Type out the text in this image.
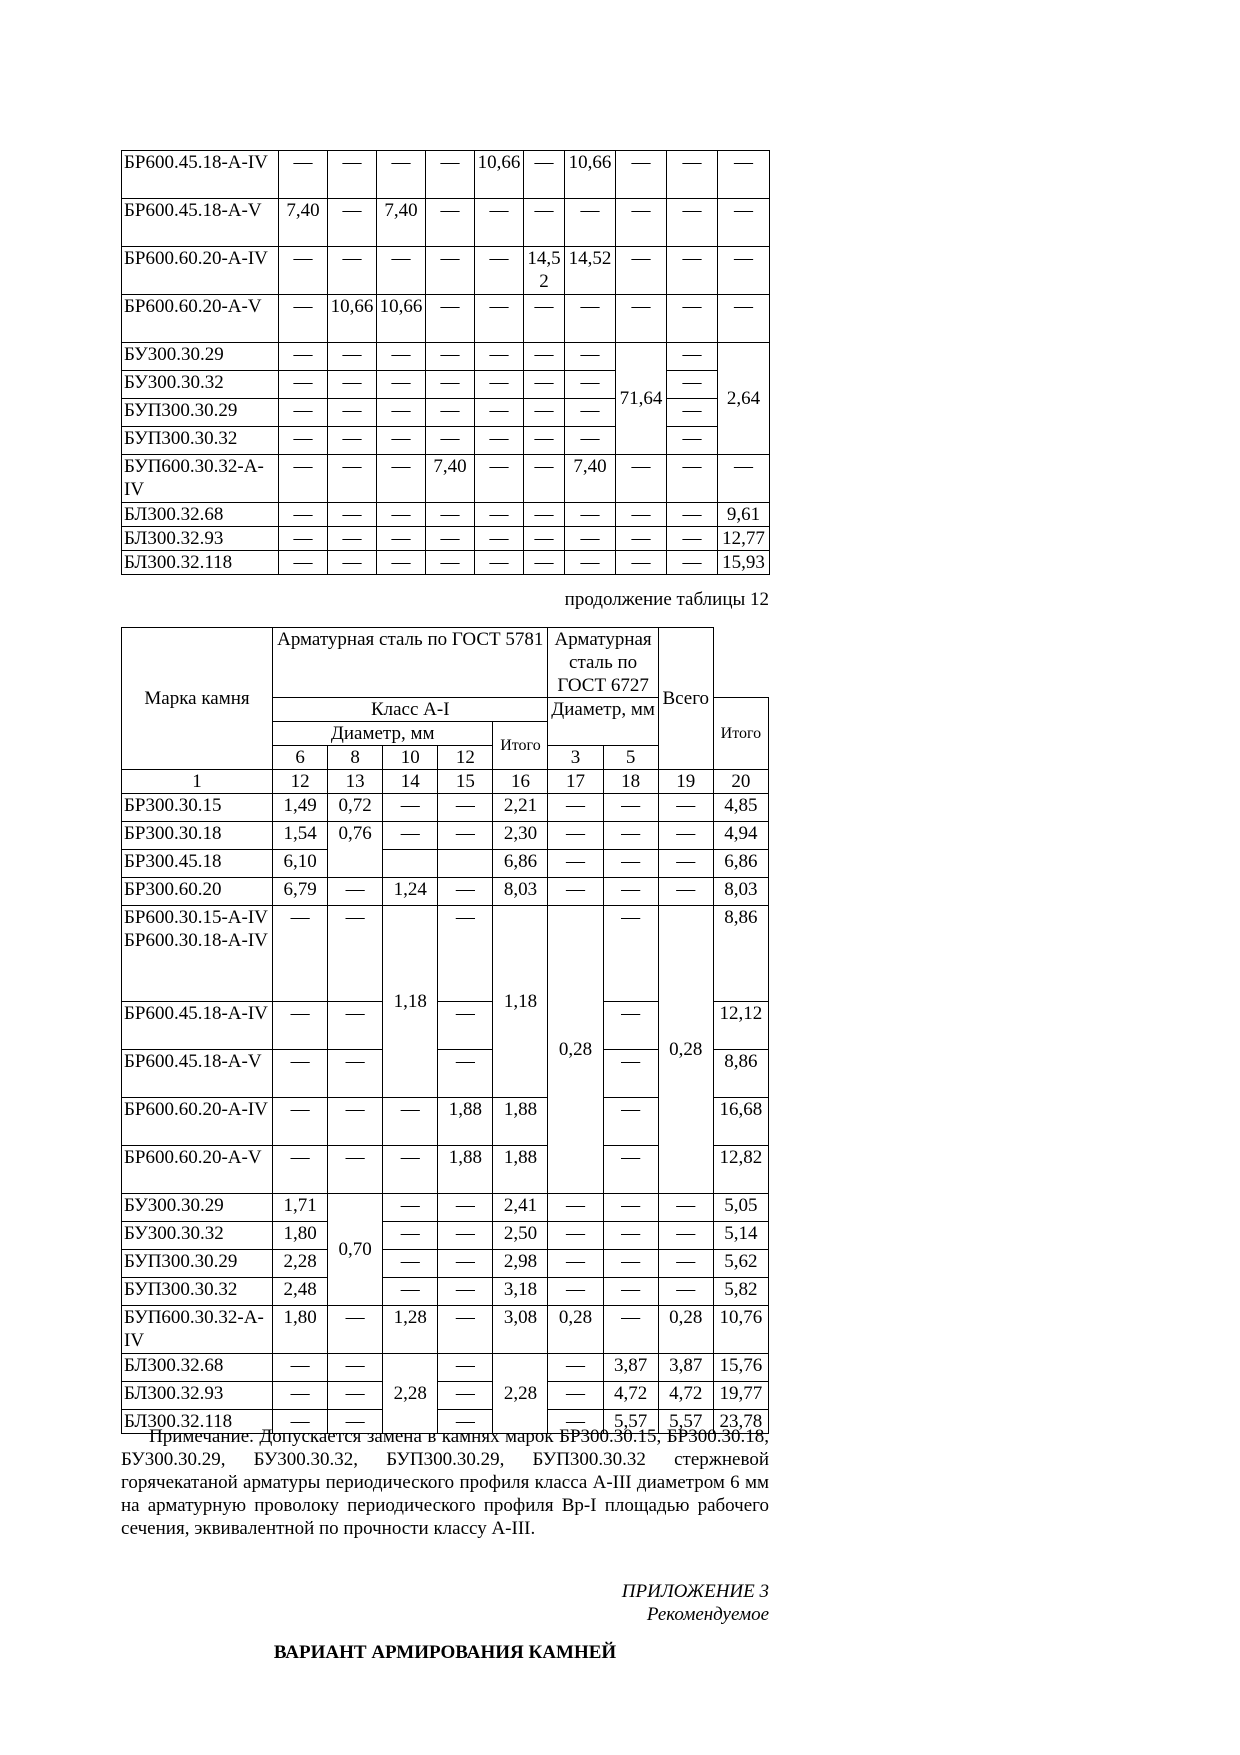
БР600.45.18-А-IV	—	—	—	—	10,66	—	10,66	—	—	—
БР600.45.18-А-V	7,40	—	7,40	—	—	—	—	—	—	—
БР600.60.20-А-IV	—	—	—	—	—	14,52	14,52	—	—	—
БР600.60.20-А-V	—	10,66	10,66	—	—	—	—	—	—	—
БУ300.30.29	—	—	—	—	—	—	—	71,64	—	2,64
БУ300.30.32	—	—	—	—	—	—	—		—	
БУП300.30.29	—	—	—	—	—	—	—		—	
БУП300.30.32	—	—	—	—	—	—	—		—	
БУП600.30.32-А-IV	—	—	—	7,40	—	—	7,40	—	—	—
БЛ300.32.68	—	—	—	—	—	—	—	—	—	9,61
БЛ300.32.93	—	—	—	—	—	—	—	—	—	12,77
БЛ300.32.118	—	—	—	—	—	—	—	—	—	15,93
продолжение таблицы 12
Марка камня	Арматурная сталь по ГОСТ 5781					Арматурная сталь по ГОСТ 6727		Всего	
	Класс А-I					Диаметр, мм			Итого
	Диаметр, мм				Итого				
	6	8	10	12		3	5		
1	12	13	14	15	16	17	18	19	20
БР300.30.15	1,49	0,72	—	—	2,21	—	—	—	4,85
БР300.30.18	1,54	0,76	—	—	2,30	—	—	—	4,94
БР300.45.18	6,10				6,86	—	—	—	6,86
БР300.60.20	6,79	—	1,24	—	8,03	—	—	—	8,03
БР600.30.15-А-IV БР600.30.18-А-IV	—	—	1,18	—	1,18	0,28	—	0,28	8,86
БР600.45.18-А-IV	—	—		—			—		12,12
БР600.45.18-А-V	—	—		—			—		8,86
БР600.60.20-А-IV	—	—	—	1,88	1,88		—		16,68
БР600.60.20-А-V	—	—	—	1,88	1,88		—		12,82
БУ300.30.29	1,71	0,70	—	—	2,41	—	—	—	5,05
БУ300.30.32	1,80		—	—	2,50	—	—	—	5,14
БУП300.30.29	2,28		—	—	2,98	—	—	—	5,62
БУП300.30.32	2,48		—	—	3,18	—	—	—	5,82
БУП600.30.32-А-IV	1,80	—	1,28	—	3,08	0,28	—	0,28	10,76
БЛ300.32.68	—	—	2,28	—	2,28	—	3,87	3,87	15,76
БЛ300.32.93	—	—		—		—	4,72	4,72	19,77
БЛ300.32.118	—	—		—		—	5,57	5,57	23,78
Примечание. Допускается замена в камнях марок БР300.30.15, БР300.30.18, БУ300.30.29, БУ300.30.32, БУП300.30.29, БУП300.30.32 стержневой горячекатаной арматуры периодического профиля класса А-III диаметром 6 мм на арматурную проволоку периодического профиля Вр-I площадью рабочего сечения, эквивалентной по прочности классу А-III.
ПРИЛОЖЕНИЕ 3
Рекомендуемое
ВАРИАНТ АРМИРОВАНИЯ КАМНЕЙ
